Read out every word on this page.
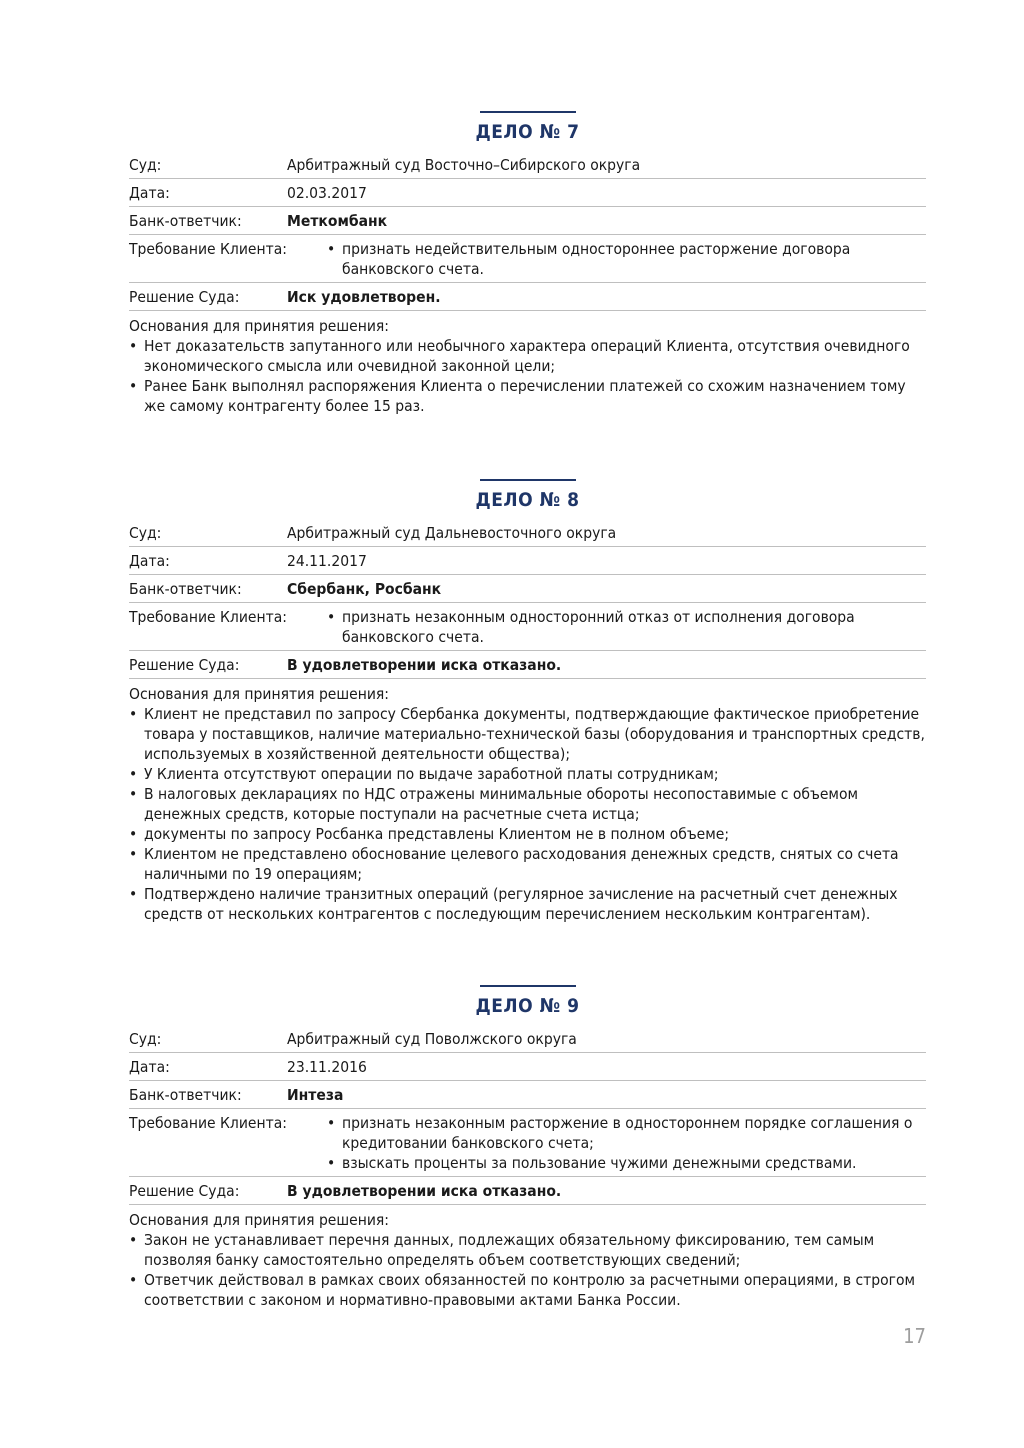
ДЕЛО № 7
Суд:	Арбитражный суд Восточно–Сибирского округа
Дата:	02.03.2017
Банк-ответчик:	Меткомбанк
Требование Клиента:	• признать недействительным одностороннее расторжение договора банковского счета.
Решение Суда:	Иск удовлетворен.
Основания для принятия решения:
• Нет доказательств запутанного или необычного характера операций Клиента, отсутствия очевидного экономического смысла или очевидной законной цели;
• Ранее Банк выполнял распоряжения Клиента о перечислении платежей со схожим назначением тому же самому контрагенту более 15 раз.
ДЕЛО № 8
Суд:	Арбитражный суд Дальневосточного округа
Дата:	24.11.2017
Банк-ответчик:	Сбербанк, Росбанк
Требование Клиента:	• признать незаконным односторонний отказ от исполнения договора банковского счета.
Решение Суда:	В удовлетворении иска отказано.
Основания для принятия решения:
• Клиент не представил по запросу Сбербанка документы, подтверждающие фактическое приобретение товара у поставщиков, наличие материально-технической базы (оборудования и транспортных средств, используемых в хозяйственной деятельности общества);
• У Клиента отсутствуют операции по выдаче заработной платы сотрудникам;
• В налоговых декларациях по НДС отражены минимальные обороты несопоставимые с объемом денежных средств, которые поступали на расчетные счета истца;
• документы по запросу Росбанка представлены Клиентом не в полном объеме;
• Клиентом не представлено обоснование целевого расходования денежных средств, снятых со счета наличными по 19 операциям;
• Подтверждено наличие транзитных операций (регулярное зачисление на расчетный счет денежных средств от нескольких контрагентов с последующим перечислением нескольким контрагентам).
ДЕЛО № 9
Суд:	Арбитражный суд Поволжского округа
Дата:	23.11.2016
Банк-ответчик:	Интеза
Требование Клиента:	• признать незаконным расторжение в одностороннем порядке соглашения о кредитовании банковского счета;
• взыскать проценты за пользование чужими денежными средствами.
Решение Суда:	В удовлетворении иска отказано.
Основания для принятия решения:
• Закон не устанавливает перечня данных, подлежащих обязательному фиксированию, тем самым позволяя банку самостоятельно определять объем соответствующих сведений;
• Ответчик действовал в рамках своих обязанностей по контролю за расчетными операциями, в строгом соответствии с законом и нормативно-правовыми актами Банка России.
17
